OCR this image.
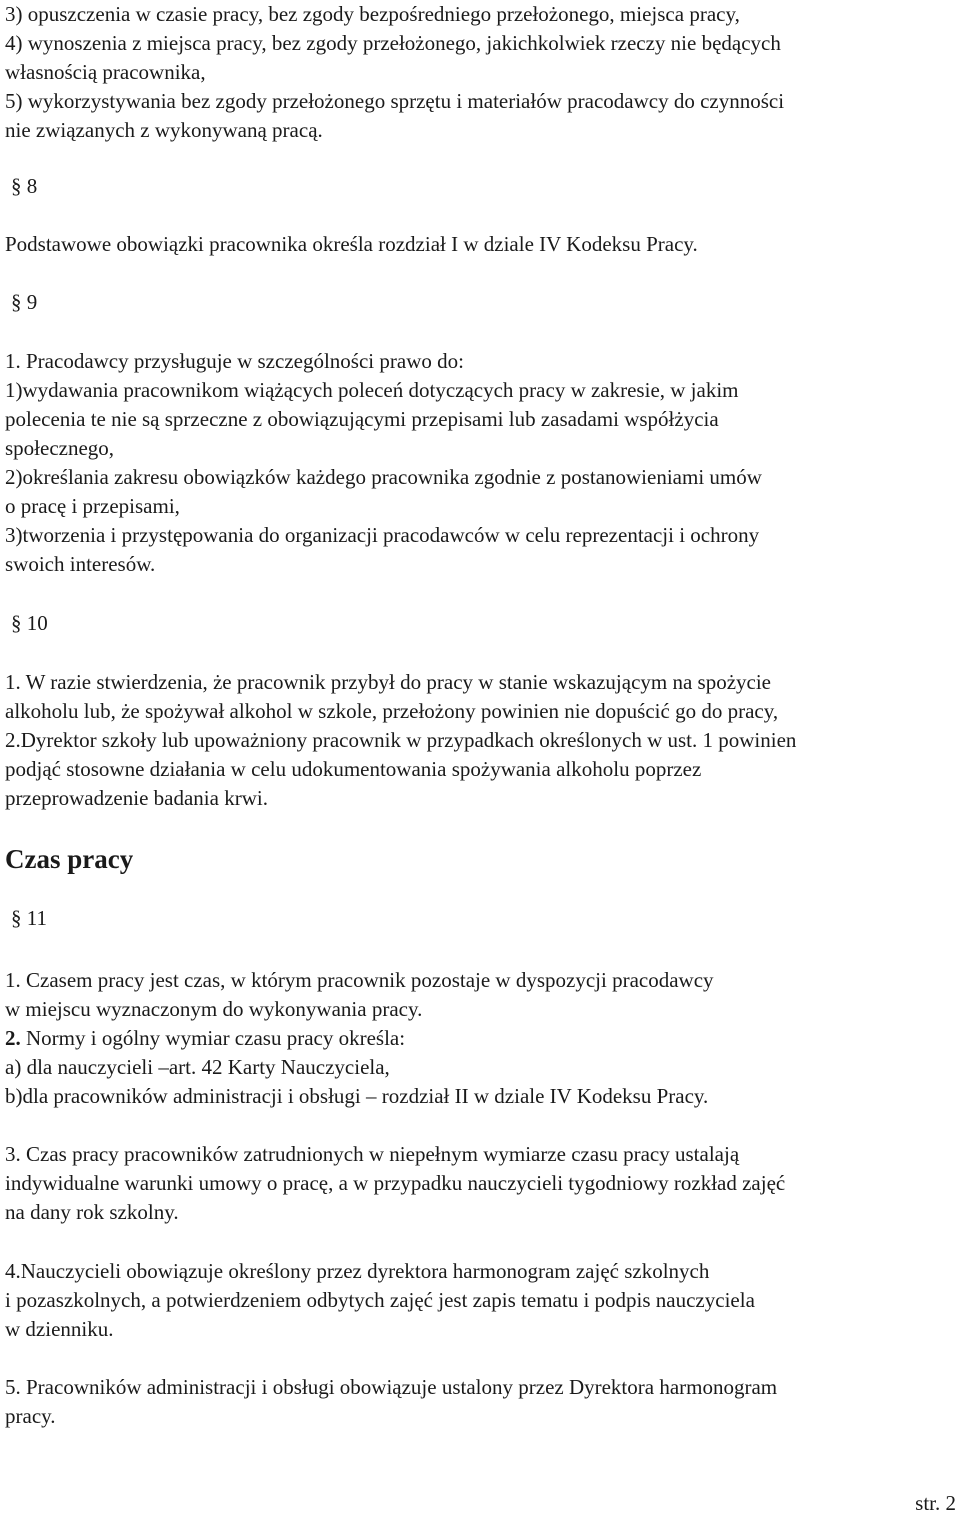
3) opuszczenia w czasie pracy, bez zgody bezpośredniego przełożonego, miejsca pracy,
4) wynoszenia z miejsca pracy, bez zgody przełożonego, jakichkolwiek rzeczy nie będących
własnością pracownika,
5) wykorzystywania bez zgody przełożonego sprzętu i materiałów pracodawcy do czynności
nie związanych z wykonywaną pracą.
§ 8
Podstawowe obowiązki pracownika określa rozdział I w dziale IV Kodeksu Pracy.
§ 9
1. Pracodawcy przysługuje w szczególności prawo do:
1)wydawania pracownikom wiążących poleceń dotyczących pracy w zakresie, w jakim
polecenia te nie są sprzeczne z obowiązującymi przepisami lub zasadami współżycia
społecznego,
2)określania zakresu obowiązków każdego pracownika zgodnie z postanowieniami umów
o pracę i przepisami,
3)tworzenia i przystępowania do organizacji pracodawców w celu reprezentacji i ochrony
swoich interesów.
§ 10
1. W razie stwierdzenia, że pracownik przybył do pracy w stanie wskazującym na spożycie
alkoholu lub, że spożywał alkohol w szkole, przełożony powinien nie dopuścić go do pracy,
2.Dyrektor szkoły lub upoważniony pracownik w przypadkach określonych w ust. 1 powinien
podjąć stosowne działania w celu udokumentowania spożywania alkoholu poprzez
przeprowadzenie badania krwi.
Czas pracy
§ 11
1. Czasem pracy jest czas, w którym pracownik pozostaje w dyspozycji pracodawcy
w miejscu wyznaczonym do wykonywania pracy.
2. Normy i ogólny wymiar czasu pracy określa:
a) dla nauczycieli –art. 42 Karty Nauczyciela,
b)dla pracowników administracji i obsługi – rozdział II w dziale IV Kodeksu Pracy.
3. Czas pracy pracowników zatrudnionych w niepełnym wymiarze czasu pracy ustalają
indywidualne warunki umowy o pracę, a w przypadku nauczycieli tygodniowy rozkład zajęć
na dany rok szkolny.
4.Nauczycieli obowiązuje określony przez dyrektora harmonogram zajęć szkolnych
i pozaszkolnych, a potwierdzeniem odbytych zajęć jest zapis tematu i podpis nauczyciela
w dzienniku.
5. Pracowników administracji i obsługi obowiązuje ustalony przez Dyrektora harmonogram
pracy.
str. 2
